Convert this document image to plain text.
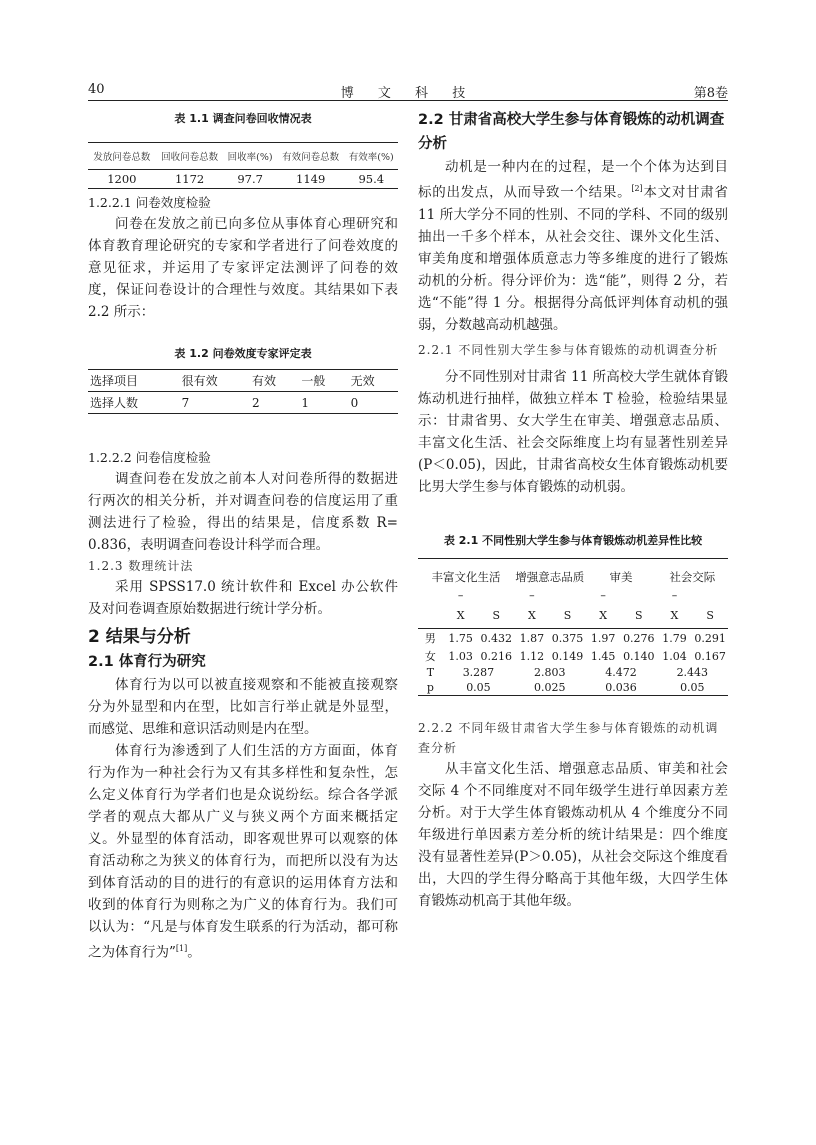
40	博 文 科 技	第8卷

表 1.1 调查问卷回收情况表

发放问卷总数	回收问卷总数	回收率(%)	有效问卷总数	有效率(%)
1200	1172	97.7	1149	95.4

1.2.2.1 问卷效度检验

问卷在发放之前已向多位从事体育心理研究和体育教育理论研究的专家和学者进行了问卷效度的意见征求，并运用了专家评定法测评了问卷的效度，保证问卷设计的合理性与效度。其结果如下表 2.2 所示：

表 1.2 问卷效度专家评定表

选择项目	很有效	有效	一般	无效
选择人数	7	2	1	0

1.2.2.2 问卷信度检验

调查问卷在发放之前本人对问卷所得的数据进行两次的相关分析，并对调查问卷的信度运用了重测法进行了检验，得出的结果是，信度系数 R= 0.836，表明调查问卷设计科学而合理。

1.2.3 数理统计法

采用 SPSS17.0 统计软件和 Excel 办公软件及对问卷调查原始数据进行统计学分析。

2 结果与分析

2.1 体育行为研究

体育行为以可以被直接观察和不能被直接观察分为外显型和内在型，比如言行举止就是外显型，而感觉、思维和意识活动则是内在型。

体育行为渗透到了人们生活的方方面面，体育行为作为一种社会行为又有其多样性和复杂性，怎么定义体育行为学者们也是众说纷纭。综合各学派学者的观点大都从广义与狭义两个方面来概括定义。外显型的体育活动，即客观世界可以观察的体育活动称之为狭义的体育行为，而把所以没有为达到体育活动的目的进行的有意识的运用体育方法和收到的体育行为则称之为广义的体育行为。我们可以认为：“凡是与体育发生联系的行为活动，都可称之为体育行为”[1]。

2.2 甘肃省高校大学生参与体育锻炼的动机调查分析

动机是一种内在的过程，是一个个体为达到目标的出发点，从而导致一个结果。[2]本文对甘肃省 11 所大学分不同的性别、不同的学科、不同的级别抽出一千多个样本，从社会交往、课外文化生活、审美角度和增强体质意志力等多维度的进行了锻炼动机的分析。得分评价为：选“能”，则得 2 分，若选“不能”得 1 分。根据得分高低评判体育动机的强弱，分数越高动机越强。

2.2.1 不同性别大学生参与体育锻炼的动机调查分析

分不同性别对甘肃省 11 所高校大学生就体育锻炼动机进行抽样，做独立样本 T 检验，检验结果显示：甘肃省男、女大学生在审美、增强意志品质、丰富文化生活、社会交际维度上均有显著性别差异(P＜0.05)，因此，甘肃省高校女生体育锻炼动机要比男大学生参与体育锻炼的动机弱。

表 2.1 不同性别大学生参与体育锻炼动机差异性比较

丰富文化生活			增强意志品质		审美		社会交际	
	–		–		–		–	
	X	S	X	S	X	S	X	S
男	1.75	0.432	1.87	0.375	1.97	0.276	1.79	0.291
女	1.03	0.216	1.12	0.149	1.45	0.140	1.04	0.167
T	3.287		2.803		4.472		2.443	
p	0.05		0.025		0.036		0.05	

2.2.2 不同年级甘肃省大学生参与体育锻炼的动机调查分析

从丰富文化生活、增强意志品质、审美和社会交际 4 个不同维度对不同年级学生进行单因素方差分析。对于大学生体育锻炼动机从 4 个维度分不同年级进行单因素方差分析的统计结果是：四个维度没有显著性差异(P＞0.05)，从社会交际这个维度看出，大四的学生得分略高于其他年级，大四学生体育锻炼动机高于其他年级。
